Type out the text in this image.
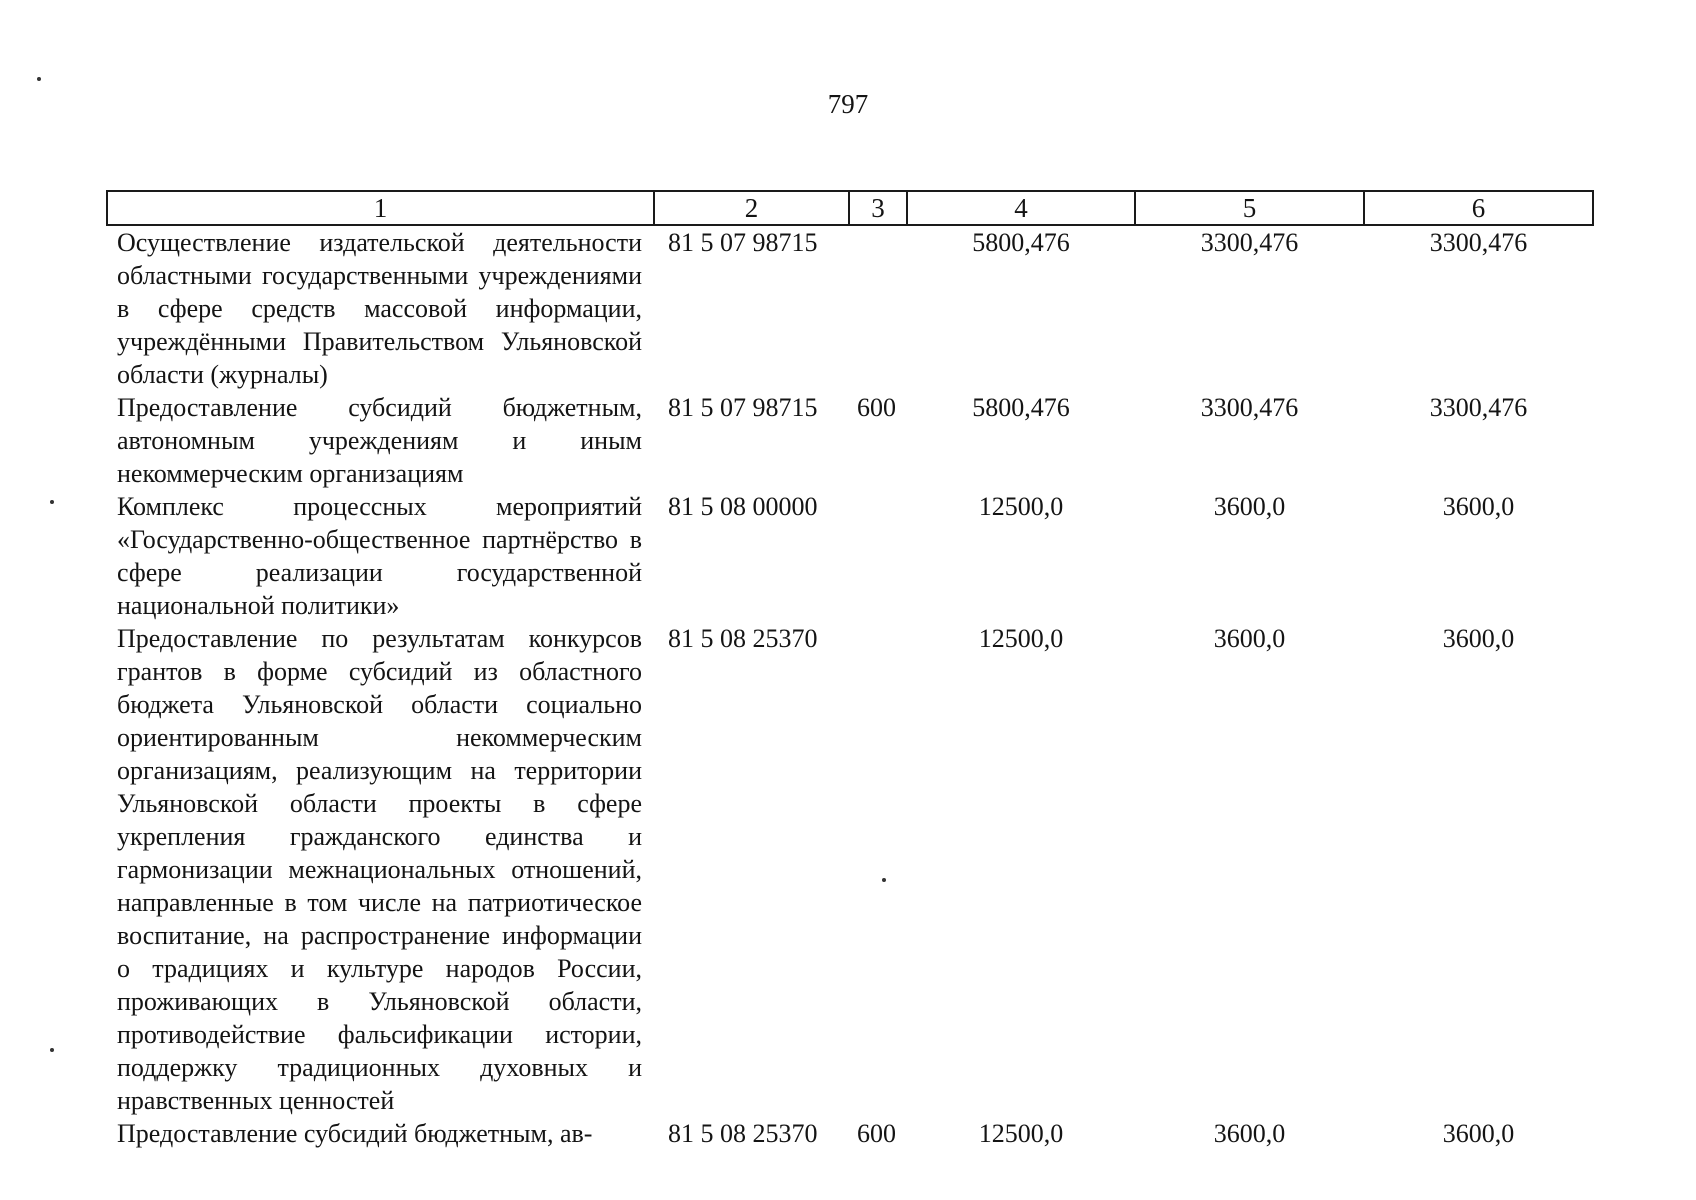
797
1	2	3	4	5	6
Осуществление издательской деятельности областными государственными учреждениями в сфере средств массовой информации, учреждёнными Правительством Ульяновской области (журналы)	81 5 07 98715		5800,476	3300,476	3300,476
Предоставление субсидий бюджетным, автономным учреждениям и иным некоммерческим организациям	81 5 07 98715	600	5800,476	3300,476	3300,476
Комплекс процессных мероприятий «Государственно-общественное партнёрство в сфере реализации государственной национальной политики»	81 5 08 00000		12500,0	3600,0	3600,0
Предоставление по результатам конкурсов грантов в форме субсидий из областного бюджета Ульяновской области социально ориентированным некоммерческим организациям, реализующим на территории Ульяновской области проекты в сфере укрепления гражданского единства и гармонизации межнациональных отношений, направленные в том числе на патриотическое воспитание, на распространение информации о традициях и культуре народов России, проживающих в Ульяновской области, противодействие фальсификации истории, поддержку традиционных духовных и нравственных ценностей	81 5 08 25370		12500,0	3600,0	3600,0
Предоставление субсидий бюджетным, ав-	81 5 08 25370	600	12500,0	3600,0	3600,0
